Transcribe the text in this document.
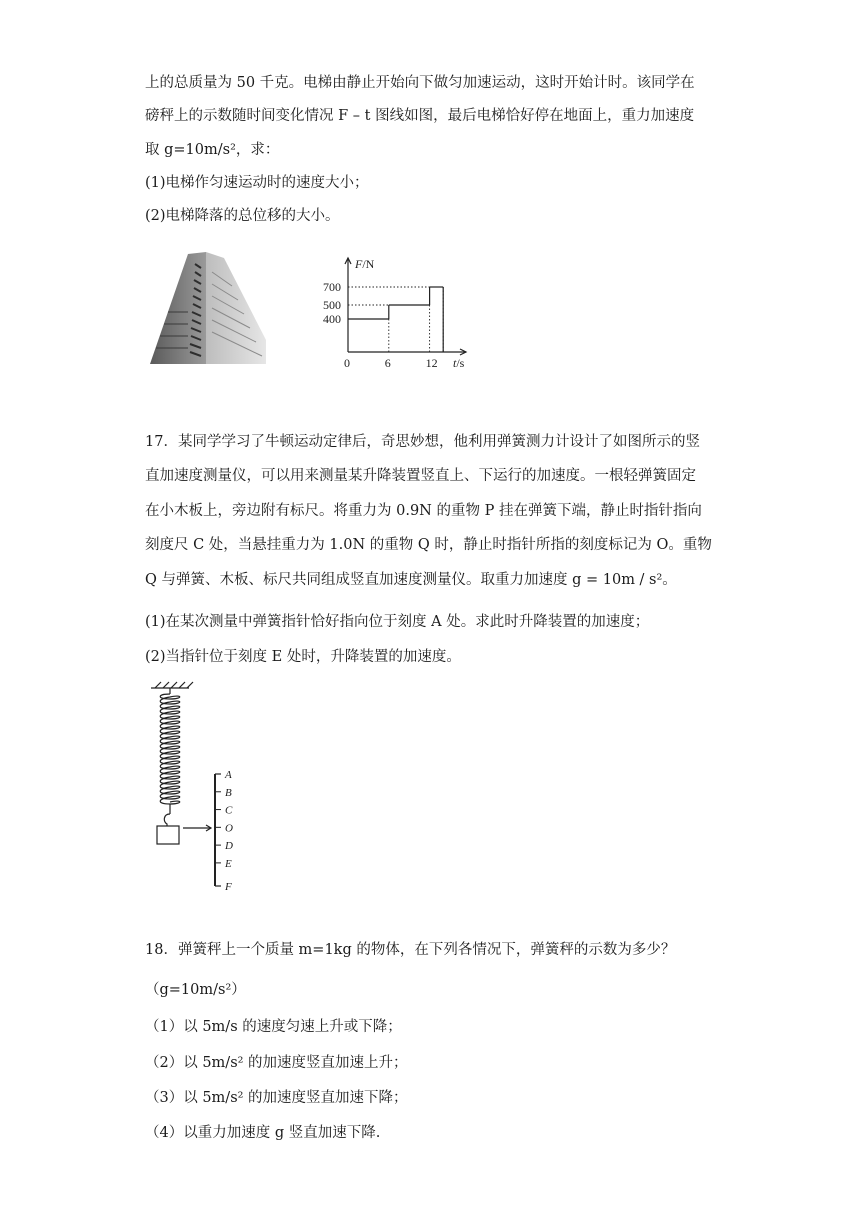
上的总质量为 50 千克。电梯由静止开始向下做匀加速运动，这时开始计时。该同学在
磅秤上的示数随时间变化情况 F – t 图线如图，最后电梯恰好停在地面上，重力加速度
取 g=10m/s²，求：
(1)电梯作匀速运动时的速度大小；
(2)电梯降落的总位移的大小。
F/N
t/s
0	6	12
400
500
700
17．某同学学习了牛顿运动定律后，奇思妙想，他利用弹簧测力计设计了如图所示的竖
直加速度测量仪，可以用来测量某升降装置竖直上、下运行的加速度。一根轻弹簧固定
在小木板上，旁边附有标尺。将重力为 0.9N 的重物 P 挂在弹簧下端，静止时指针指向
刻度尺 C 处，当悬挂重力为 1.0N 的重物 Q 时，静止时指针所指的刻度标记为 O。重物
Q 与弹簧、木板、标尺共同组成竖直加速度测量仪。取重力加速度 g = 10m / s²。
(1)在某次测量中弹簧指针恰好指向位于刻度 A 处。求此时升降装置的加速度；
(2)当指针位于刻度 E 处时，升降装置的加速度。
A
B
C
O
D
E
F
18．弹簧秤上一个质量 m=1kg 的物体，在下列各情况下，弹簧秤的示数为多少？
（g=10m/s²）
（1）以 5m/s 的速度匀速上升或下降；
（2）以 5m/s² 的加速度竖直加速上升；
（3）以 5m/s² 的加速度竖直加速下降；
（4）以重力加速度 g 竖直加速下降.
